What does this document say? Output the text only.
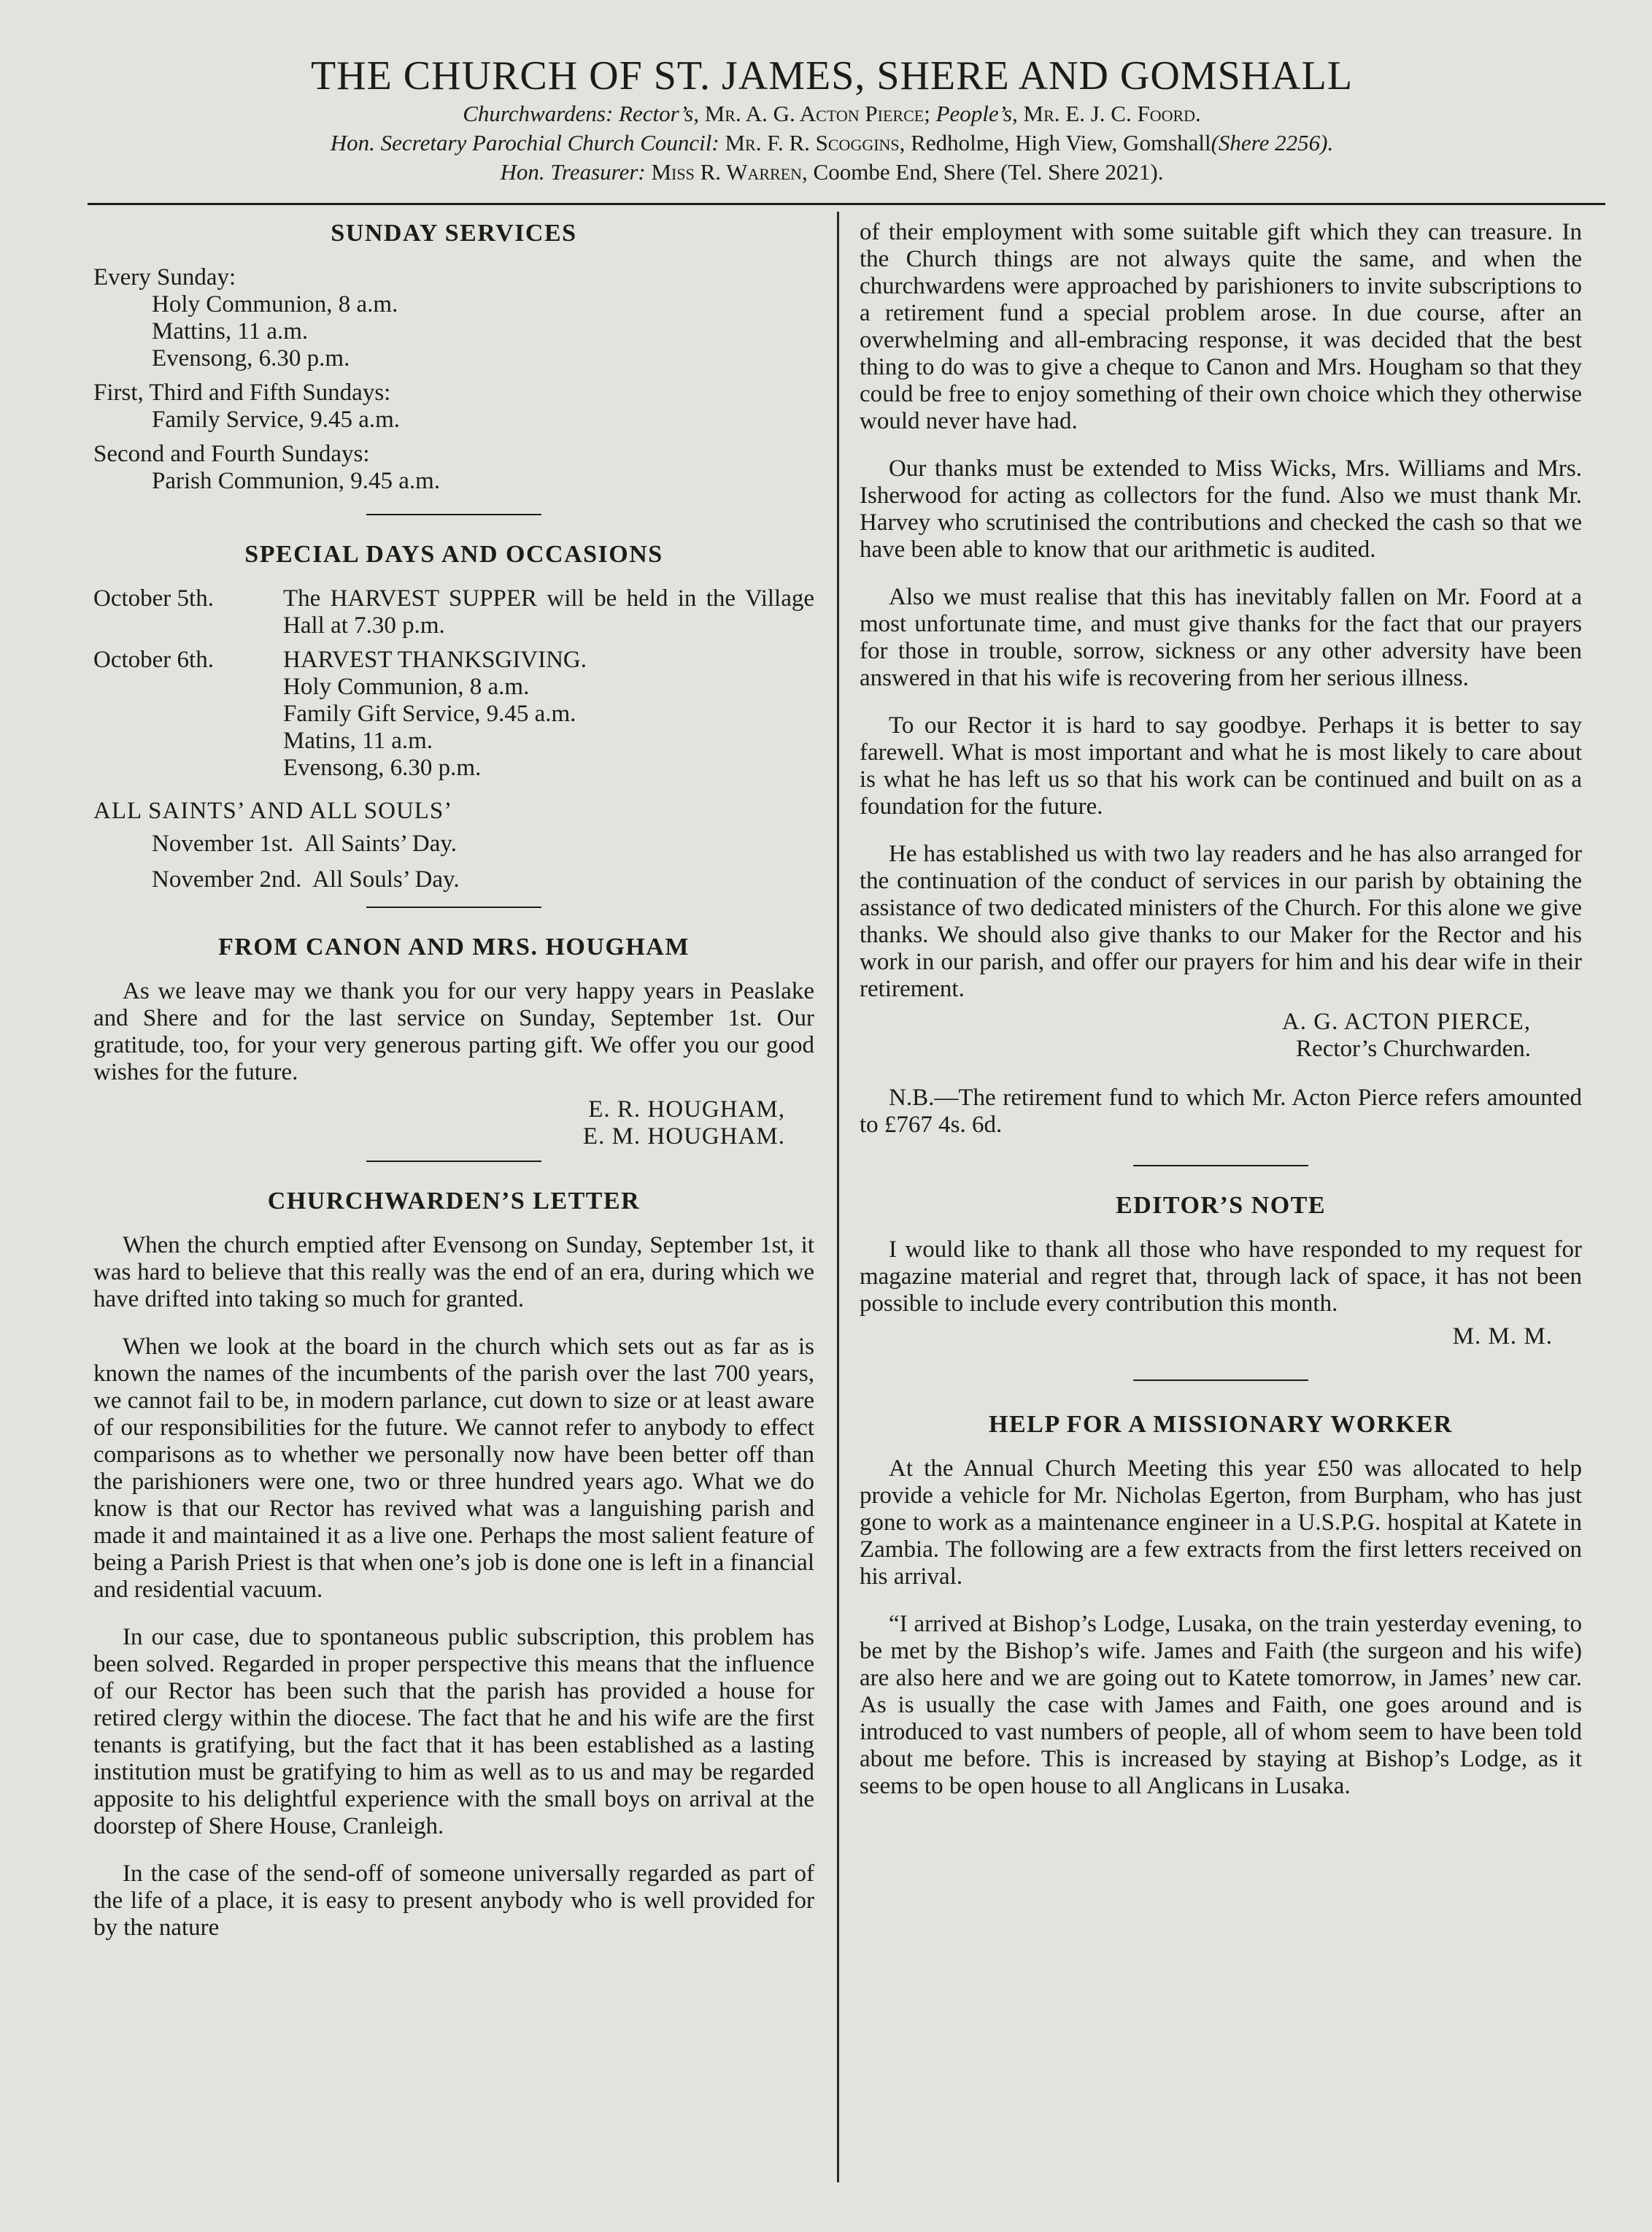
THE CHURCH OF ST. JAMES, SHERE AND GOMSHALL
Churchwardens: Rector’s, Mr. A. G. Acton Pierce; People’s, Mr. E. J. C. Foord.
Hon. Secretary Parochial Church Council: Mr. F. R. Scoggins, Redholme, High View, Gomshall(Shere 2256).
Hon. Treasurer: Miss R. Warren, Coombe End, Shere (Tel. Shere 2021).
SUNDAY SERVICES
Every Sunday:
Holy Communion, 8 a.m.
Mattins, 11 a.m.
Evensong, 6.30 p.m.
First, Third and Fifth Sundays:
Family Service, 9.45 a.m.
Second and Fourth Sundays:
Parish Communion, 9.45 a.m.
SPECIAL DAYS AND OCCASIONS
October 5th.	The HARVEST SUPPER will be held in the Village Hall at 7.30 p.m.
October 6th.	HARVEST THANKSGIVING.
Holy Communion, 8 a.m.
Family Gift Service, 9.45 a.m.
Matins, 11 a.m.
Evensong, 6.30 p.m.
ALL SAINTS’ AND ALL SOULS’
November 1st.  All Saints’ Day.
November 2nd.  All Souls’ Day.
FROM CANON AND MRS. HOUGHAM
As we leave may we thank you for our very happy years in Peaslake and Shere and for the last service on Sunday, September 1st. Our gratitude, too, for your very generous parting gift. We offer you our good wishes for the future.
E. R. HOUGHAM,
E. M. HOUGHAM.
CHURCHWARDEN’S LETTER
When the church emptied after Evensong on Sunday, September 1st, it was hard to believe that this really was the end of an era, during which we have drifted into taking so much for granted.
When we look at the board in the church which sets out as far as is known the names of the incumbents of the parish over the last 700 years, we cannot fail to be, in modern parlance, cut down to size or at least aware of our responsibilities for the future. We cannot refer to anybody to effect comparisons as to whether we personally now have been better off than the parishioners were one, two or three hundred years ago. What we do know is that our Rector has revived what was a languishing parish and made it and maintained it as a live one. Perhaps the most salient feature of being a Parish Priest is that when one’s job is done one is left in a financial and residential vacuum.
In our case, due to spontaneous public subscription, this problem has been solved. Regarded in proper perspective this means that the influence of our Rector has been such that the parish has provided a house for retired clergy within the diocese. The fact that he and his wife are the first tenants is gratifying, but the fact that it has been established as a lasting institution must be gratifying to him as well as to us and may be regarded apposite to his delightful experience with the small boys on arrival at the doorstep of Shere House, Cranleigh.
In the case of the send-off of someone universally regarded as part of the life of a place, it is easy to present anybody who is well provided for by the nature
of their employment with some suitable gift which they can treasure. In the Church things are not always quite the same, and when the churchwardens were approached by parishioners to invite subscriptions to a retirement fund a special problem arose. In due course, after an overwhelming and all-embracing response, it was decided that the best thing to do was to give a cheque to Canon and Mrs. Hougham so that they could be free to enjoy something of their own choice which they otherwise would never have had.
Our thanks must be extended to Miss Wicks, Mrs. Williams and Mrs. Isherwood for acting as collectors for the fund. Also we must thank Mr. Harvey who scrutinised the contributions and checked the cash so that we have been able to know that our arithmetic is audited.
Also we must realise that this has inevitably fallen on Mr. Foord at a most unfortunate time, and must give thanks for the fact that our prayers for those in trouble, sorrow, sickness or any other adversity have been answered in that his wife is recovering from her serious illness.
To our Rector it is hard to say goodbye. Perhaps it is better to say farewell. What is most important and what he is most likely to care about is what he has left us so that his work can be continued and built on as a foundation for the future.
He has established us with two lay readers and he has also arranged for the continuation of the conduct of services in our parish by obtaining the assistance of two dedicated ministers of the Church. For this alone we give thanks. We should also give thanks to our Maker for the Rector and his work in our parish, and offer our prayers for him and his dear wife in their retirement.
A. G. ACTON PIERCE,
Rector’s Churchwarden.
N.B.—The retirement fund to which Mr. Acton Pierce refers amounted to £767 4s. 6d.
EDITOR’S NOTE
I would like to thank all those who have responded to my request for magazine material and regret that, through lack of space, it has not been possible to include every contribution this month.
M. M. M.
HELP FOR A MISSIONARY WORKER
At the Annual Church Meeting this year £50 was allocated to help provide a vehicle for Mr. Nicholas Egerton, from Burpham, who has just gone to work as a maintenance engineer in a U.S.P.G. hospital at Katete in Zambia. The following are a few extracts from the first letters received on his arrival.
“I arrived at Bishop’s Lodge, Lusaka, on the train yesterday evening, to be met by the Bishop’s wife. James and Faith (the surgeon and his wife) are also here and we are going out to Katete tomorrow, in James’ new car. As is usually the case with James and Faith, one goes around and is introduced to vast numbers of people, all of whom seem to have been told about me before. This is increased by staying at Bishop’s Lodge, as it seems to be open house to all Anglicans in Lusaka.
